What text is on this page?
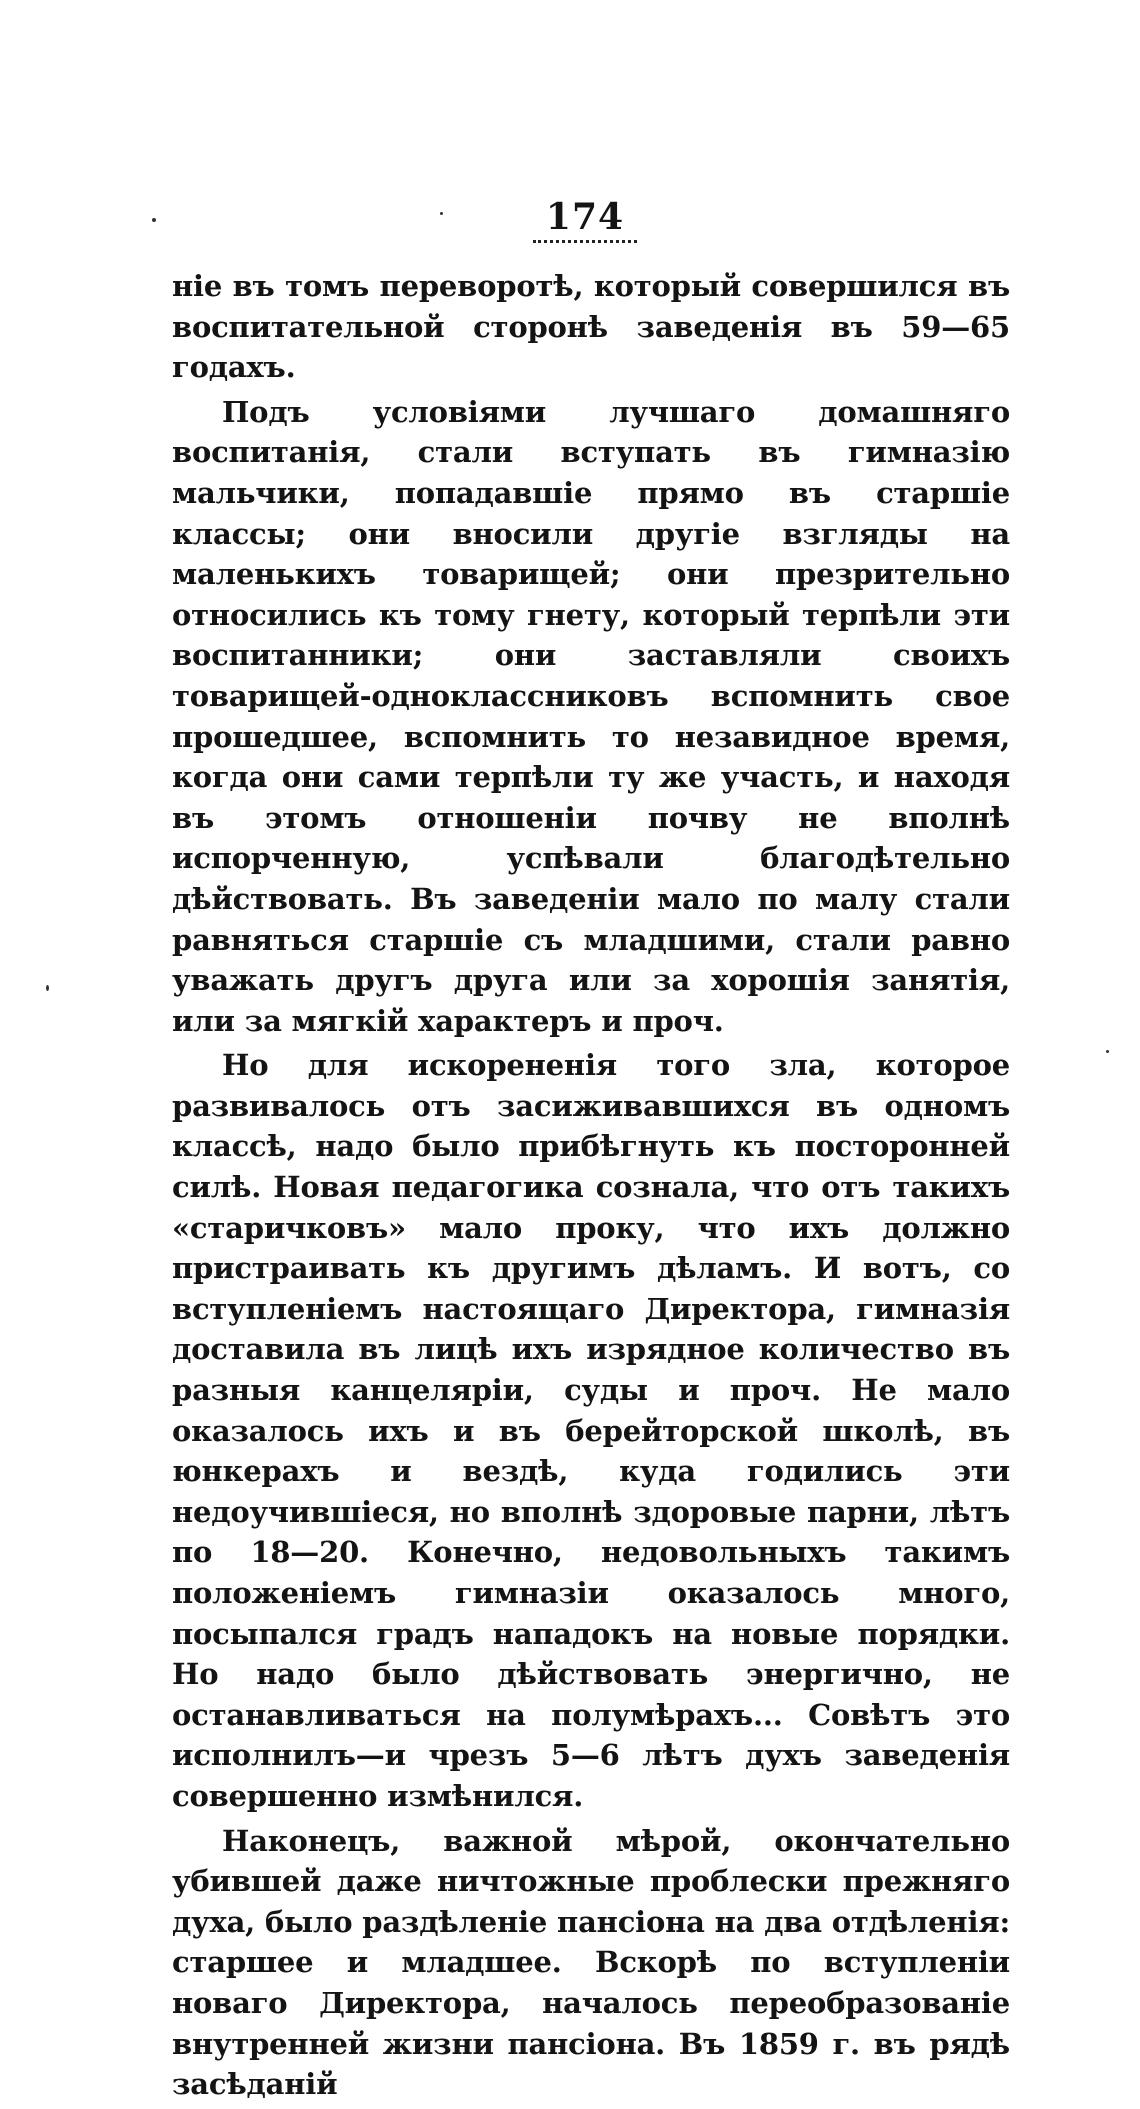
174

ніе въ томъ переворотѣ, который совершился въ воспитательной сторонѣ заведенія въ 59—65 годахъ.

Подъ условіями лучшаго домашняго воспитанія, стали вступать въ гимназію мальчики, попадавшіе прямо въ старшіе классы; они вносили другіе взгляды на маленькихъ товарищей; они презрительно относились къ тому гнету, который терпѣли эти воспитанники; они заставляли своихъ товарищей-одноклассниковъ вспомнить свое прошедшее, вспомнить то незавидное время, когда они сами терпѣли ту же участь, и находя въ этомъ отношеніи почву не вполнѣ испорченную, успѣвали благодѣтельно дѣйствовать. Въ заведеніи мало по малу стали равняться старшіе съ младшими, стали равно уважать другъ друга или за хорошія занятія, или за мягкій характеръ и проч.

Но для искорененія того зла, которое развивалось отъ засиживавшихся въ одномъ классѣ, надо было прибѣгнуть къ посторонней силѣ. Новая педагогика сознала, что отъ такихъ «старичковъ» мало проку, что ихъ должно пристраивать къ другимъ дѣламъ. И вотъ, со вступленіемъ настоящаго Директора, гимназія доставила въ лицѣ ихъ изрядное количество въ разныя канцеляріи, суды и проч. Не мало оказалось ихъ и въ берейторской школѣ, въ юнкерахъ и вездѣ, куда годились эти недоучившіеся, но вполнѣ здоровые парни, лѣтъ по 18—20. Конечно, недовольныхъ такимъ положеніемъ гимназіи оказалось много, посыпался градъ нападокъ на новые порядки. Но надо было дѣйствовать энергично, не останавливаться на полумѣрахъ... Совѣтъ это исполнилъ—и чрезъ 5—6 лѣтъ духъ заведенія совершенно измѣнился.

Наконецъ, важной мѣрой, окончательно убившей даже ничтожные проблески прежняго духа, было раздѣленіе пансіона на два отдѣленія: старшее и младшее. Вскорѣ по вступленіи новаго Директора, началось переобразованіе внутренней жизни пансіона. Въ 1859 г. въ рядѣ засѣданій
